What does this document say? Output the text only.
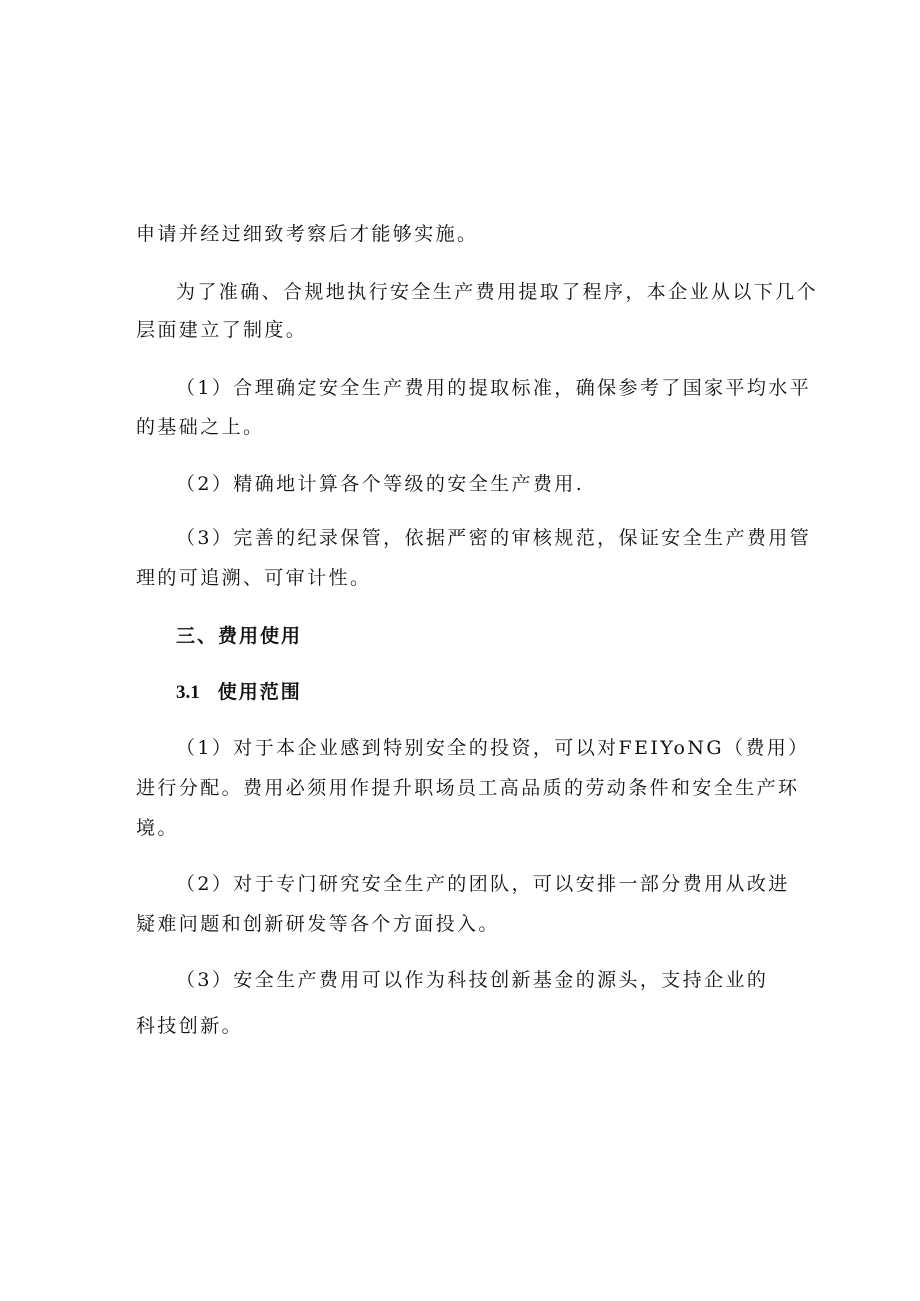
申请并经过细致考察后才能够实施。
为了准确、合规地执行安全生产费用提取了程序，本企业从以下几个
层面建立了制度。
（1）合理确定安全生产费用的提取标准，确保参考了国家平均水平
的基础之上。
（2）精确地计算各个等级的安全生产费用.
（3）完善的纪录保管，依据严密的审核规范，保证安全生产费用管
理的可追溯、可审计性。
三、费用使用
3.1 使用范围
（1）对于本企业感到特别安全的投资，可以对FEIYoNG（费用）
进行分配。费用必须用作提升职场员工高品质的劳动条件和安全生产环
境。
（2）对于专门研究安全生产的团队，可以安排一部分费用从改进
疑难问题和创新研发等各个方面投入。
（3）安全生产费用可以作为科技创新基金的源头，支持企业的
科技创新。
